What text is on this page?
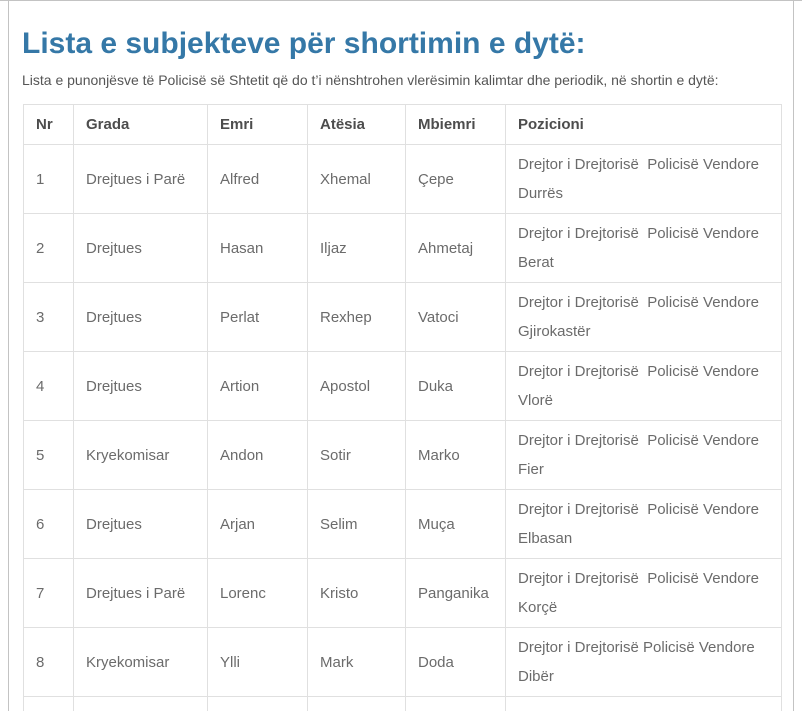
Lista e subjekteve për shortimin e dytë:

Lista e punonjësve të Policisë së Shtetit që do t’i nënshtrohen vlerësimin kalimtar dhe periodik, në shortin e dytë:

Nr	Grada	Emri	Atësia	Mbiemri	Pozicioni
1	Drejtues i Parë	Alfred	Xhemal	Çepe	Drejtor i Drejtorisë  Policisë Vendore Durrës
2	Drejtues	Hasan	Iljaz	Ahmetaj	Drejtor i Drejtorisë  Policisë Vendore Berat
3	Drejtues	Perlat	Rexhep	Vatoci	Drejtor i Drejtorisë  Policisë Vendore Gjirokastër
4	Drejtues	Artion	Apostol	Duka	Drejtor i Drejtorisë  Policisë Vendore Vlorë
5	Kryekomisar	Andon	Sotir	Marko	Drejtor i Drejtorisë  Policisë Vendore Fier
6	Drejtues	Arjan	Selim	Muça	Drejtor i Drejtorisë  Policisë Vendore Elbasan
7	Drejtues i Parë	Lorenc	Kristo	Panganika	Drejtor i Drejtorisë  Policisë Vendore Korçë
8	Kryekomisar	Ylli	Mark	Doda	Drejtor i Drejtorisë Policisë Vendore Dibër
